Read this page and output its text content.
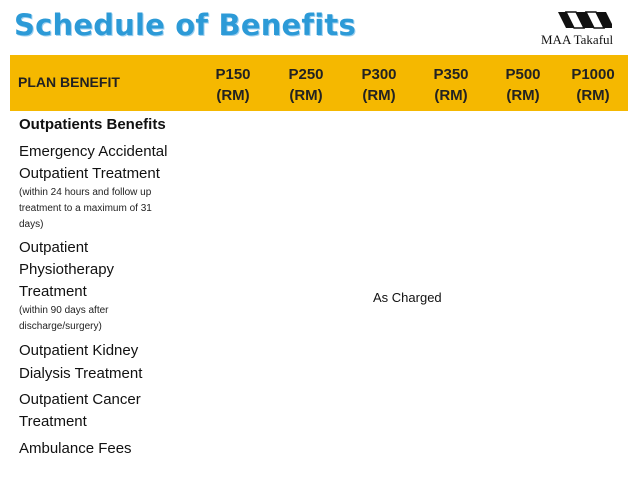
Schedule of Benefits	MAA Takaful
PLAN BENEFIT	P150
(RM)
P250
(RM)
P300
(RM)
P350
(RM)
P500
(RM)
P1000
(RM)
Outpatients Benefits
Emergency Accidental
Outpatient Treatment
(within 24 hours and follow up
treatment to a maximum of 31
days)
Outpatient
Physiotherapy
Treatment
(within 90 days after
discharge/surgery)
Outpatient Kidney
Dialysis Treatment
Outpatient Cancer
Treatment
Ambulance Fees
As Charged
